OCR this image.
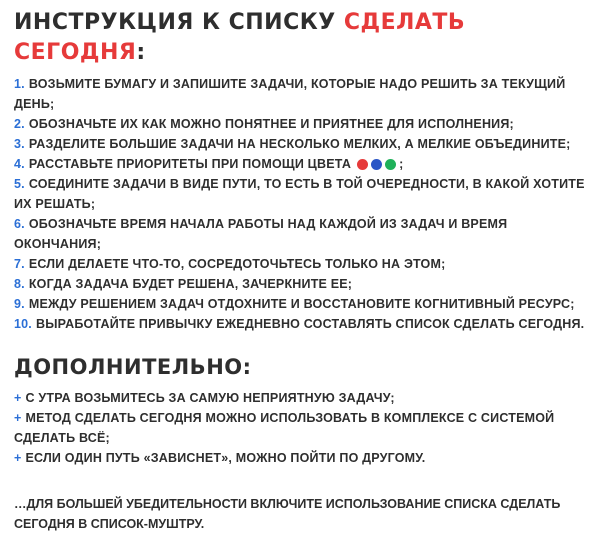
ИНСТРУКЦИЯ К СПИСКУ СДЕЛАТЬ СЕГОДНЯ:
1. ВОЗЬМИТЕ БУМАГУ И ЗАПИШИТЕ ЗАДАЧИ, КОТОРЫЕ НАДО РЕШИТЬ ЗА ТЕКУЩИЙ ДЕНЬ;
2. ОБОЗНАЧЬТЕ ИХ КАК МОЖНО ПОНЯТНЕЕ И ПРИЯТНЕЕ ДЛЯ ИСПОЛНЕНИЯ;
3. РАЗДЕЛИТЕ БОЛЬШИЕ ЗАДАЧИ НА НЕСКОЛЬКО МЕЛКИХ, А МЕЛКИЕ ОБЪЕДИНИТЕ;
4. РАССТАВЬТЕ ПРИОРИТЕТЫ ПРИ ПОМОЩИ ЦВЕТА	;
5. СОЕДИНИТЕ ЗАДАЧИ В ВИДЕ ПУТИ, ТО ЕСТЬ В ТОЙ ОЧЕРЕДНОСТИ, В КАКОЙ ХОТИТЕ ИХ РЕШАТЬ;
6. ОБОЗНАЧЬТЕ ВРЕМЯ НАЧАЛА РАБОТЫ НАД КАЖДОЙ ИЗ ЗАДАЧ И ВРЕМЯ ОКОНЧАНИЯ;
7. ЕСЛИ ДЕЛАЕТЕ ЧТО-ТО, СОСРЕДОТОЧЬТЕСЬ ТОЛЬКО НА ЭТОМ;
8. КОГДА ЗАДАЧА БУДЕТ РЕШЕНА, ЗАЧЕРКНИТЕ ЕЕ;
9. МЕЖДУ РЕШЕНИЕМ ЗАДАЧ ОТДОХНИТЕ И ВОССТАНОВИТЕ КОГНИТИВНЫЙ РЕСУРС;
10. ВЫРАБОТАЙТЕ ПРИВЫЧКУ ЕЖЕДНЕВНО СОСТАВЛЯТЬ СПИСОК СДЕЛАТЬ СЕГОДНЯ.
ДОПОЛНИТЕЛЬНО:
+ С УТРА ВОЗЬМИТЕСЬ ЗА САМУЮ НЕПРИЯТНУЮ ЗАДАЧУ;
+ МЕТОД СДЕЛАТЬ СЕГОДНЯ МОЖНО ИСПОЛЬЗОВАТЬ В КОМПЛЕКСЕ С СИСТЕМОЙ СДЕЛАТЬ ВСЁ;
+ ЕСЛИ ОДИН ПУТЬ «ЗАВИСНЕТ», МОЖНО ПОЙТИ ПО ДРУГОМУ.
…ДЛЯ БОЛЬШЕЙ УБЕДИТЕЛЬНОСТИ ВКЛЮЧИТЕ ИСПОЛЬЗОВАНИЕ СПИСКА СДЕЛАТЬ СЕГОДНЯ В СПИСОК-МУШТРУ.
